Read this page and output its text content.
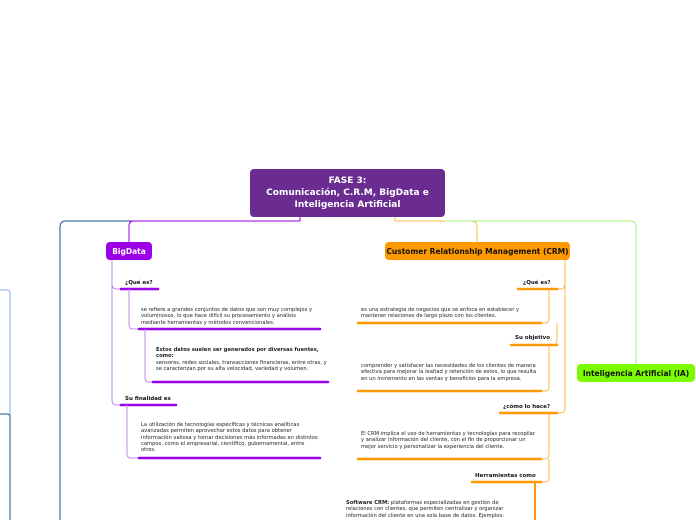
FASE 3:
Comunicación, C.R.M, BigData e
Inteligencia Artificial
BigData	Customer Relationship Management (CRM)
Inteligencia Artificial (IA)
¿Qué es?
se refiere a grandes conjuntos de datos que son muy complejos y voluminosos, lo que hace difícil su procesamiento y análisis mediante herramientas y métodos convencionales.
Estos datos suelen ser generados por diversas fuentes, como:
sensores, redes sociales, transacciones financieras, entre otras, y se caracterizan por su alta velocidad, variedad y volumen.
Su finalidad es
La utilización de tecnologías específicas y técnicas analíticas avanzadas permiten aprovechar estos datos para obtener información valiosa y tomar decisiones más informadas en distintos campos, como el empresarial, científico, gubernamental, entre otros.
¿Qué es?
es una estrategia de negocios que se enfoca en establecer y mantener relaciones de largo plazo con los clientes.
Su objetivo
comprender y satisfacer las necesidades de los clientes de manera efectiva para mejorar la lealtad y retención de estos, lo que resulta en un incremento en las ventas y beneficios para la empresa.
¿cómo lo hace?
El CRM implica el uso de herramientas y tecnologías para recopilar y analizar información del cliente, con el fin de proporcionar un mejor servicio y personalizar la experiencia del cliente.
Herramientas como
Software CRM: plataformas especializadas en gestión de relaciones con clientes, que permiten centralizar y organizar información del cliente en una sola base de datos. Ejemplos:
